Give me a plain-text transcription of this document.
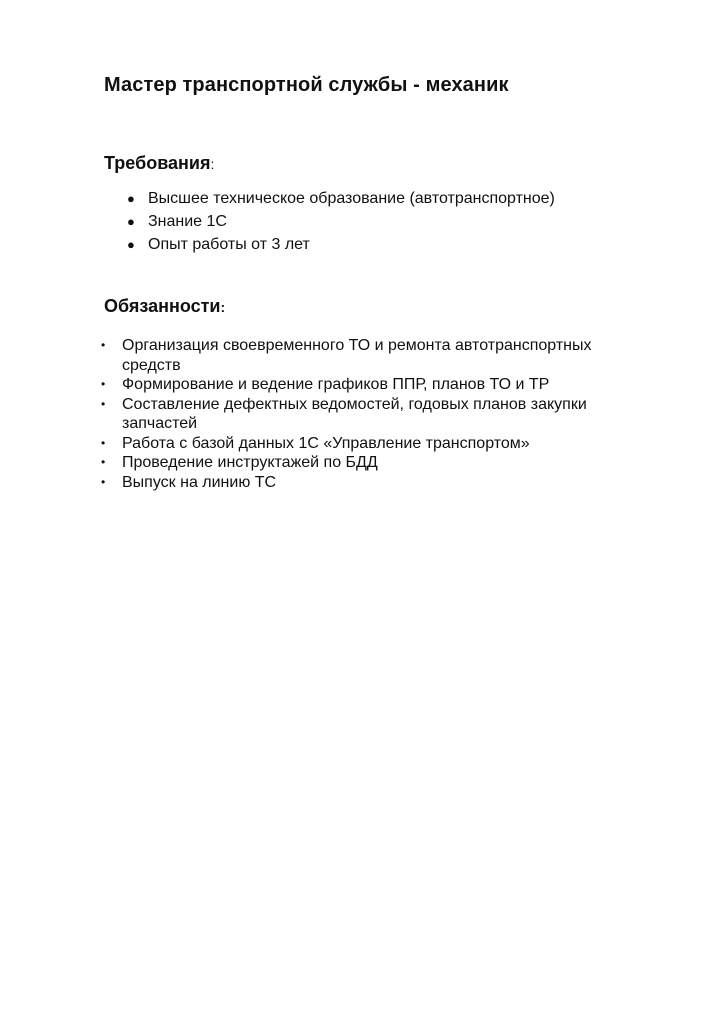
Мастер транспортной службы - механик
Требования:
● Высшее техническое образование (автотранспортное)
● Знание 1С
● Опыт работы от 3 лет
Обязанности:
• Организация своевременного ТО и ремонта автотранспортных средств
• Формирование и ведение графиков ППР, планов ТО и ТР
• Составление дефектных ведомостей, годовых планов закупки запчастей
• Работа с базой данных 1С «Управление транспортом»
• Проведение инструктажей по БДД
• Выпуск на линию ТС
